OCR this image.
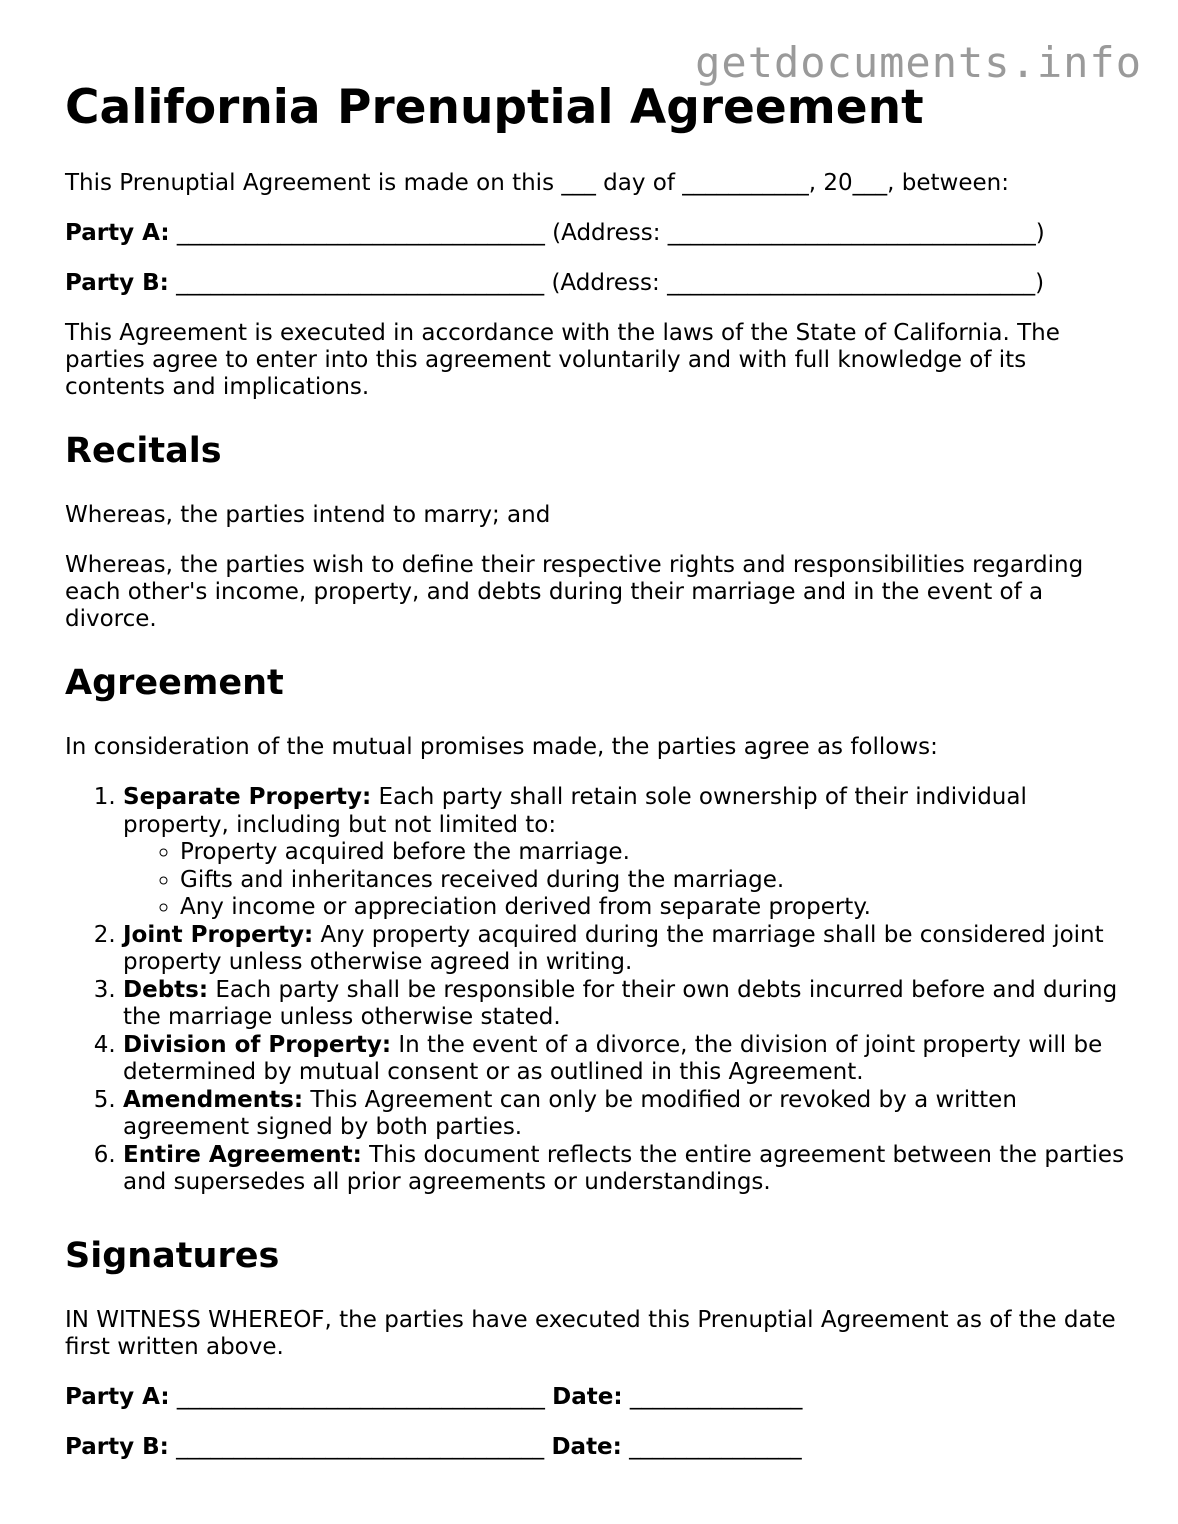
getdocuments.info
California Prenuptial Agreement

This Prenuptial Agreement is made on this ___ day of ___________, 20___, between:

Party A: ________________________________ (Address: ________________________________)
Party B: ________________________________ (Address: ________________________________)

This Agreement is executed in accordance with the laws of the State of California. The parties agree to enter into this agreement voluntarily and with full knowledge of its contents and implications.

Recitals

Whereas, the parties intend to marry; and

Whereas, the parties wish to define their respective rights and responsibilities regarding each other's income, property, and debts during their marriage and in the event of a divorce.

Agreement

In consideration of the mutual promises made, the parties agree as follows:

1. Separate Property: Each party shall retain sole ownership of their individual property, including but not limited to:
◦ Property acquired before the marriage.
◦ Gifts and inheritances received during the marriage.
◦ Any income or appreciation derived from separate property.
2. Joint Property: Any property acquired during the marriage shall be considered joint property unless otherwise agreed in writing.
3. Debts: Each party shall be responsible for their own debts incurred before and during the marriage unless otherwise stated.
4. Division of Property: In the event of a divorce, the division of joint property will be determined by mutual consent or as outlined in this Agreement.
5. Amendments: This Agreement can only be modified or revoked by a written agreement signed by both parties.
6. Entire Agreement: This document reflects the entire agreement between the parties and supersedes all prior agreements or understandings.
Signatures

IN WITNESS WHEREOF, the parties have executed this Prenuptial Agreement as of the date first written above.

Party A: ________________________________ Date: _______________
Party B: ________________________________ Date: _______________
